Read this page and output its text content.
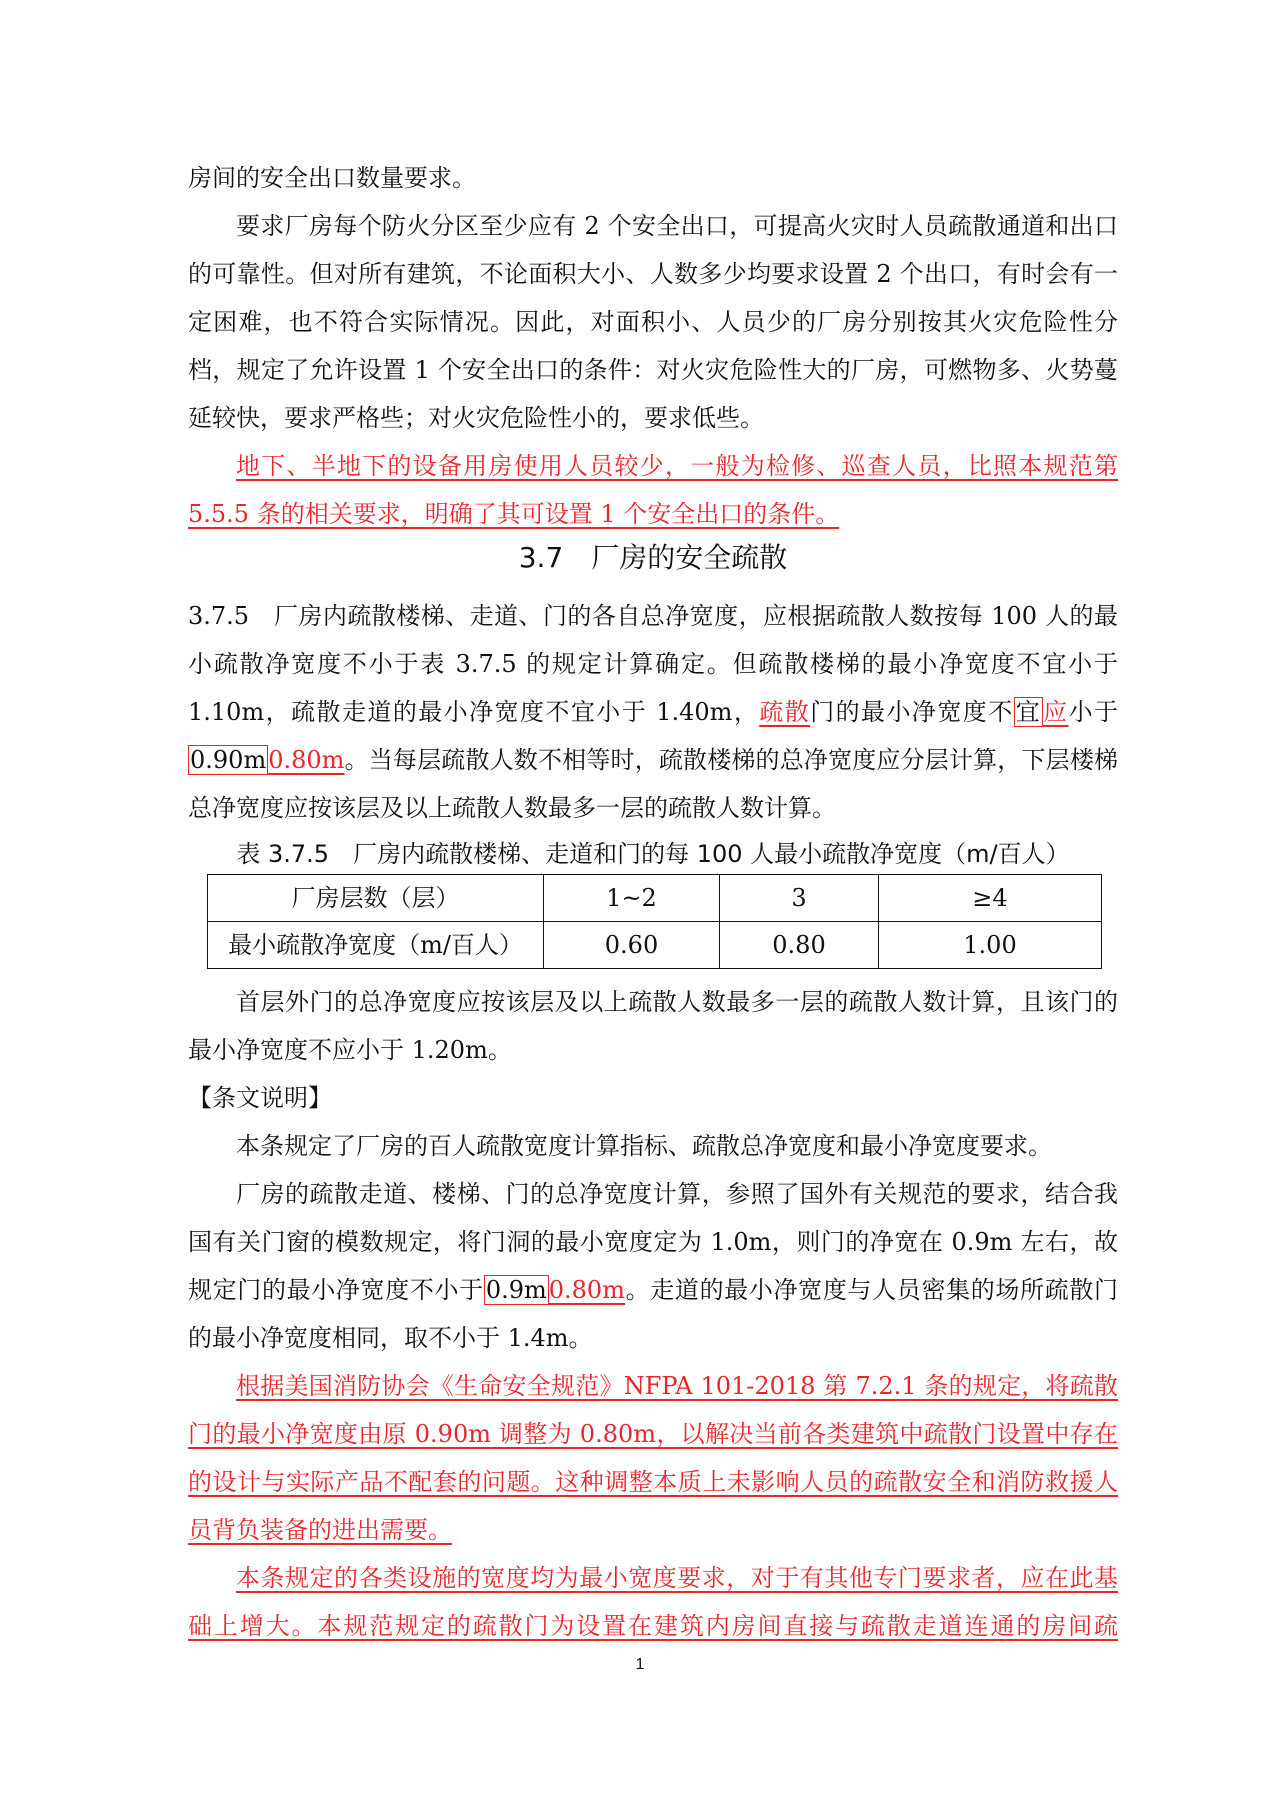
房间的安全出口数量要求。

要求厂房每个防火分区至少应有 2 个安全出口，可提高火灾时人员疏散通道和出口的可靠性。但对所有建筑，不论面积大小、人数多少均要求设置 2 个出口，有时会有一定困难，也不符合实际情况。因此，对面积小、人员少的厂房分别按其火灾危险性分档，规定了允许设置 1 个安全出口的条件：对火灾危险性大的厂房，可燃物多、火势蔓延较快，要求严格些；对火灾危险性小的，要求低些。

地下、半地下的设备用房使用人员较少，一般为检修、巡查人员，比照本规范第 5.5.5 条的相关要求，明确了其可设置 1 个安全出口的条件。

3.7　厂房的安全疏散

3.7.5　厂房内疏散楼梯、走道、门的各自总净宽度，应根据疏散人数按每 100 人的最小疏散净宽度不小于表 3.7.5 的规定计算确定。但疏散楼梯的最小净宽度不宜小于 1.10m，疏散走道的最小净宽度不宜小于 1.40m，疏散门的最小净宽度不宜应小于0.90m0.80m。当每层疏散人数不相等时，疏散楼梯的总净宽度应分层计算，下层楼梯总净宽度应按该层及以上疏散人数最多一层的疏散人数计算。

表 3.7.5　厂房内疏散楼梯、走道和门的每 100 人最小疏散净宽度（m/百人）
厂房层数（层）	1~2	3	≥4
最小疏散净宽度（m/百人）	0.60	0.80	1.00

首层外门的总净宽度应按该层及以上疏散人数最多一层的疏散人数计算，且该门的最小净宽度不应小于 1.20m。

【条文说明】

本条规定了厂房的百人疏散宽度计算指标、疏散总净宽度和最小净宽度要求。

厂房的疏散走道、楼梯、门的总净宽度计算，参照了国外有关规范的要求，结合我国有关门窗的模数规定，将门洞的最小宽度定为 1.0m，则门的净宽在 0.9m 左右，故规定门的最小净宽度不小于0.9m0.80m。走道的最小净宽度与人员密集的场所疏散门的最小净宽度相同，取不小于 1.4m。

根据美国消防协会《生命安全规范》NFPA 101-2018 第 7.2.1 条的规定，将疏散门的最小净宽度由原 0.90m 调整为 0.80m，以解决当前各类建筑中疏散门设置中存在的设计与实际产品不配套的问题。这种调整本质上未影响人员的疏散安全和消防救援人员背负装备的进出需要。

本条规定的各类设施的宽度均为最小宽度要求，对于有其他专门要求者，应在此基础上增大。本规范规定的疏散门为设置在建筑内房间直接与疏散走道连通的房间疏

1
